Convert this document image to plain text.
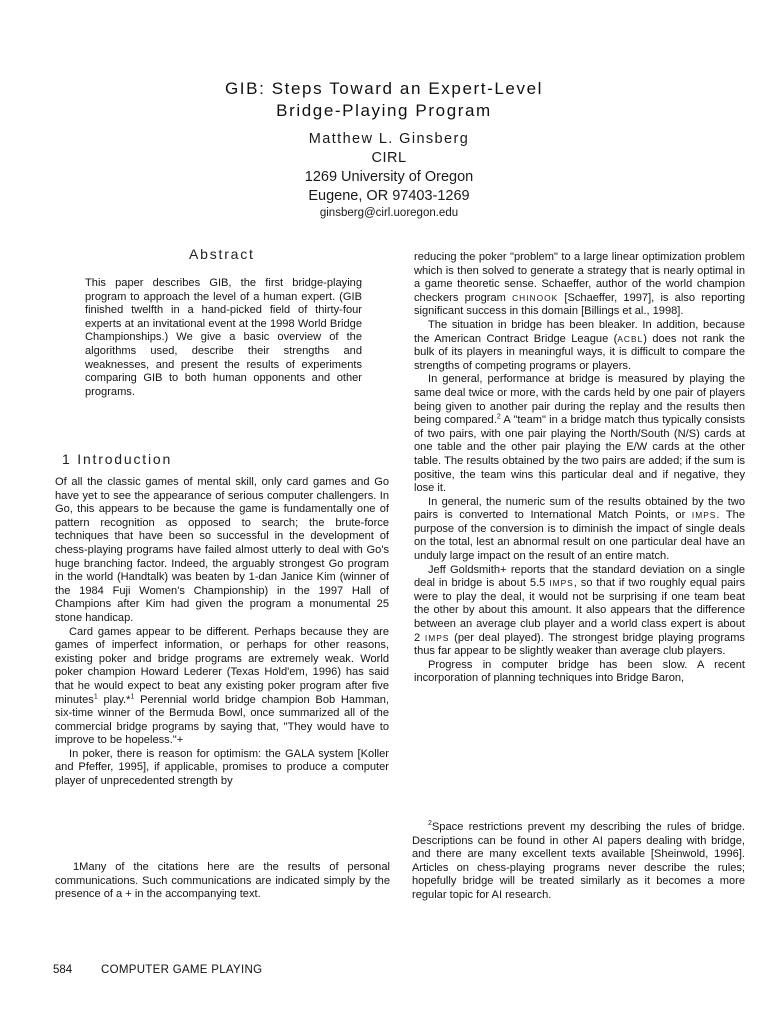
GIB: Steps Toward an Expert-Level
Bridge-Playing Program
Matthew L. Ginsberg
CIRL
1269 University of Oregon
Eugene, OR 97403-1269
ginsberg@cirl.uoregon.edu
Abstract

This paper describes GIB, the first bridge-playing program to approach the level of a human expert. (GIB finished twelfth in a hand-picked field of thirty-four experts at an invitational event at the 1998 World Bridge Championships.) We give a basic overview of the algorithms used, describe their strengths and weaknesses, and present the results of experiments comparing GIB to both human opponents and other programs.

1 Introduction

Of all the classic games of mental skill, only card games and Go have yet to see the appearance of serious computer challengers. In Go, this appears to be because the game is fundamentally one of pattern recognition as opposed to search; the brute-force techniques that have been so successful in the development of chess-playing programs have failed almost utterly to deal with Go's huge branching factor. Indeed, the arguably strongest Go program in the world (Handtalk) was beaten by 1-dan Janice Kim (winner of the 1984 Fuji Women's Championship) in the 1997 Hall of Champions after Kim had given the program a monumental 25 stone handicap.

Card games appear to be different. Perhaps because they are games of imperfect information, or perhaps for other reasons, existing poker and bridge programs are extremely weak. World poker champion Howard Lederer (Texas Hold'em, 1996) has said that he would expect to beat any existing poker program after five minutes$^1$ play.*$^1$ Perennial world bridge champion Bob Hamman, six-time winner of the Bermuda Bowl, once summarized all of the commercial bridge programs by saying that, "They would have to improve to be hopeless."+

In poker, there is reason for optimism: the GALA system [Koller and Pfeffer, 1995], if applicable, promises to produce a computer player of unprecedented strength by

reducing the poker "problem" to a large linear optimization problem which is then solved to generate a strategy that is nearly optimal in a game theoretic sense. Schaeffer, author of the world champion checkers program CHINOOK [Schaeffer, 1997], is also reporting significant success in this domain [Billings et al., 1998].

The situation in bridge has been bleaker. In addition, because the American Contract Bridge League (ACBL) does not rank the bulk of its players in meaningful ways, it is difficult to compare the strengths of competing programs or players.

In general, performance at bridge is measured by playing the same deal twice or more, with the cards held by one pair of players being given to another pair during the replay and the results then being compared.$^2$ A "team" in a bridge match thus typically consists of two pairs, with one pair playing the North/South (N/S) cards at one table and the other pair playing the E/W cards at the other table. The results obtained by the two pairs are added; if the sum is positive, the team wins this particular deal and if negative, they lose it.

In general, the numeric sum of the results obtained by the two pairs is converted to International Match Points, or IMPS. The purpose of the conversion is to diminish the impact of single deals on the total, lest an abnormal result on one particular deal have an unduly large impact on the result of an entire match.

Jeff Goldsmith+ reports that the standard deviation on a single deal in bridge is about 5.5 IMPS, so that if two roughly equal pairs were to play the deal, it would not be surprising if one team beat the other by about this amount. It also appears that the difference between an average club player and a world class expert is about 2 IMPS (per deal played). The strongest bridge playing programs thus far appear to be slightly weaker than average club players.

Progress in computer bridge has been slow. A recent incorporation of planning techniques into Bridge Baron,

1Many of the citations here are the results of personal communications. Such communications are indicated simply by the presence of a + in the accompanying text.
$^2$Space restrictions prevent my describing the rules of bridge. Descriptions can be found in other AI papers dealing with bridge, and there are many excellent texts available [Sheinwold, 1996]. Articles on chess-playing programs never describe the rules; hopefully bridge will be treated similarly as it becomes a more regular topic for AI research.
584	COMPUTER GAME PLAYING
